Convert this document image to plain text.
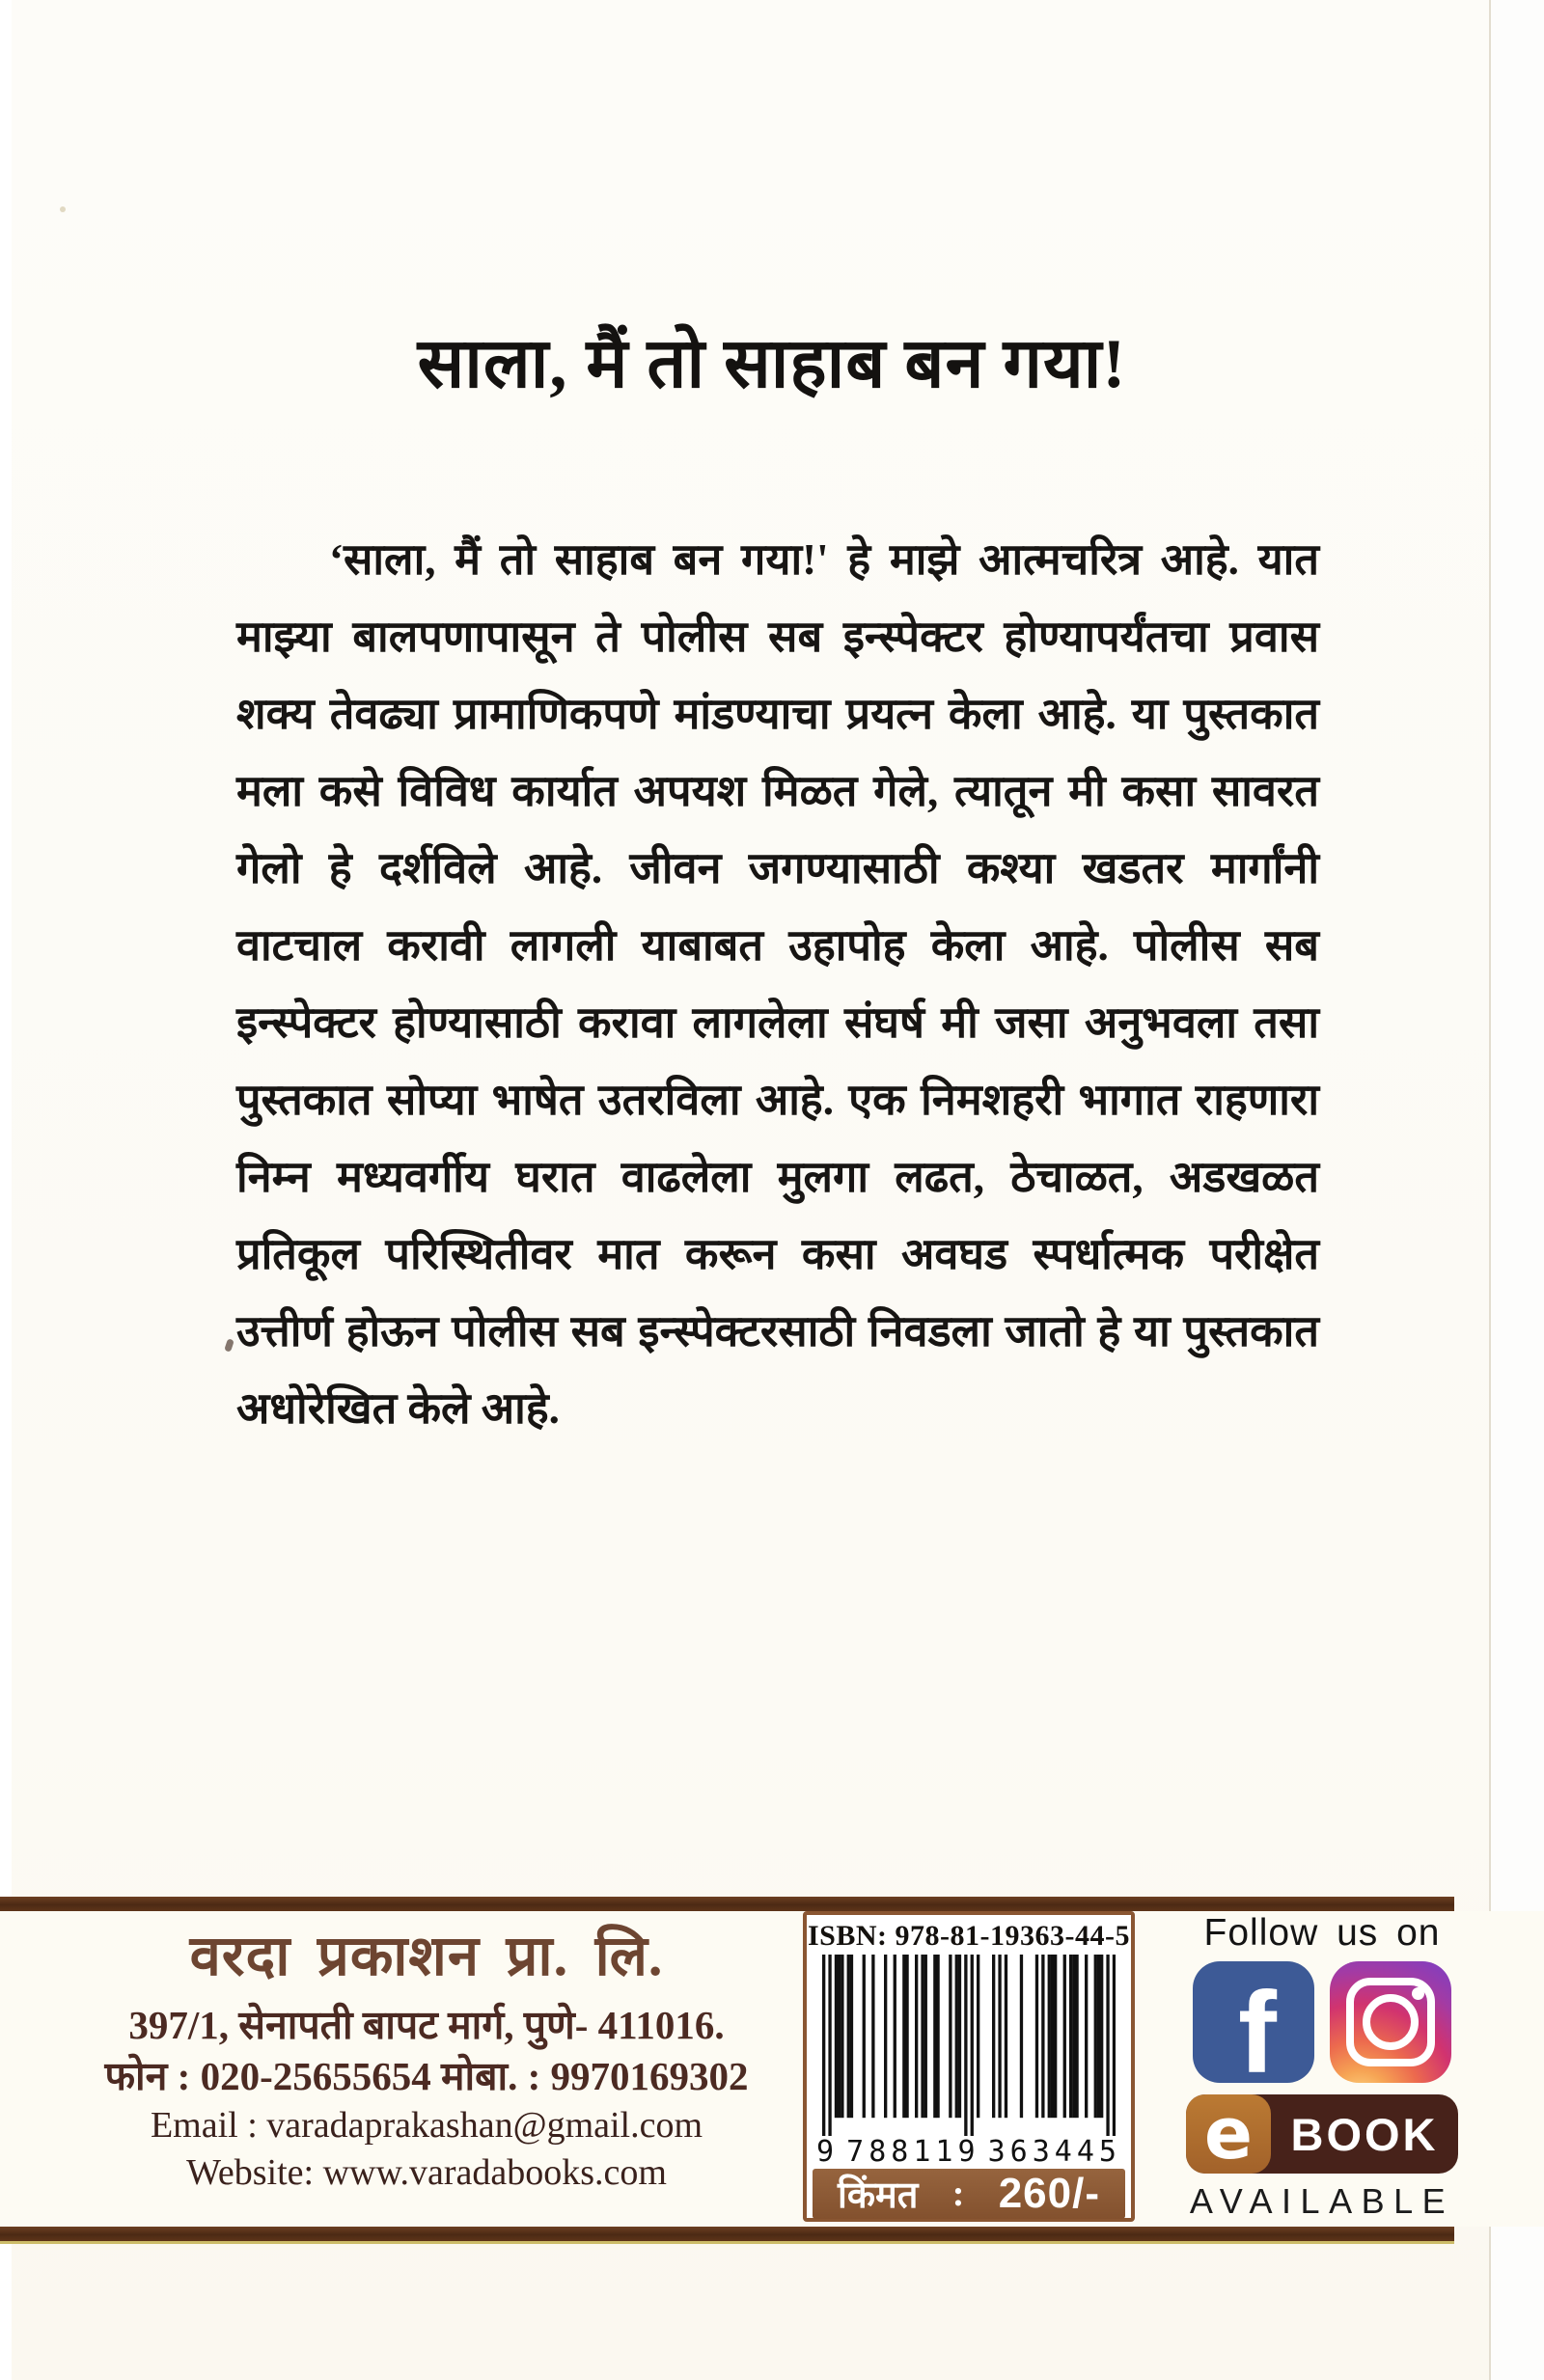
साला, मैं तो साहाब बन गया!

‘साला, मैं तो साहाब बन गया!' हे माझे आत्मचरित्र आहे. यात माझ्या बालपणापासून ते पोलीस सब इन्स्पेक्टर होण्यापर्यंतचा प्रवास शक्य तेवढ्या प्रामाणिकपणे मांडण्याचा प्रयत्न केला आहे. या पुस्तकात मला कसे विविध कार्यात अपयश मिळत गेले, त्यातून मी कसा सावरत गेलो हे दर्शविले आहे. जीवन जगण्यासाठी कश्या खडतर मार्गांनी वाटचाल करावी लागली याबाबत उहापोह केला आहे. पोलीस सब इन्स्पेक्टर होण्यासाठी करावा लागलेला संघर्ष मी जसा अनुभवला तसा पुस्तकात सोप्या भाषेत उतरविला आहे. एक निमशहरी भागात राहणारा निम्न मध्यवर्गीय घरात वाढलेला मुलगा लढत, ठेचाळत, अडखळत प्रतिकूल परिस्थितीवर मात करून कसा अवघड स्पर्धात्मक परीक्षेत उत्तीर्ण होऊन पोलीस सब इन्स्पेक्टरसाठी निवडला जातो हे या पुस्तकात अधोरेखित केले आहे.

वरदा प्रकाशन प्रा. लि.
397/1, सेनापती बापट मार्ग, पुणे- 411016.
फोन : 020-25655654 मोबा. : 9970169302
Email : varadaprakashan@gmail.com
Website: www.varadabooks.com
ISBN: 978-81-19363-44-5
9 788119 363445
किंमत : 260/-
Follow us on
f
e BOOK
AVAILABLE
